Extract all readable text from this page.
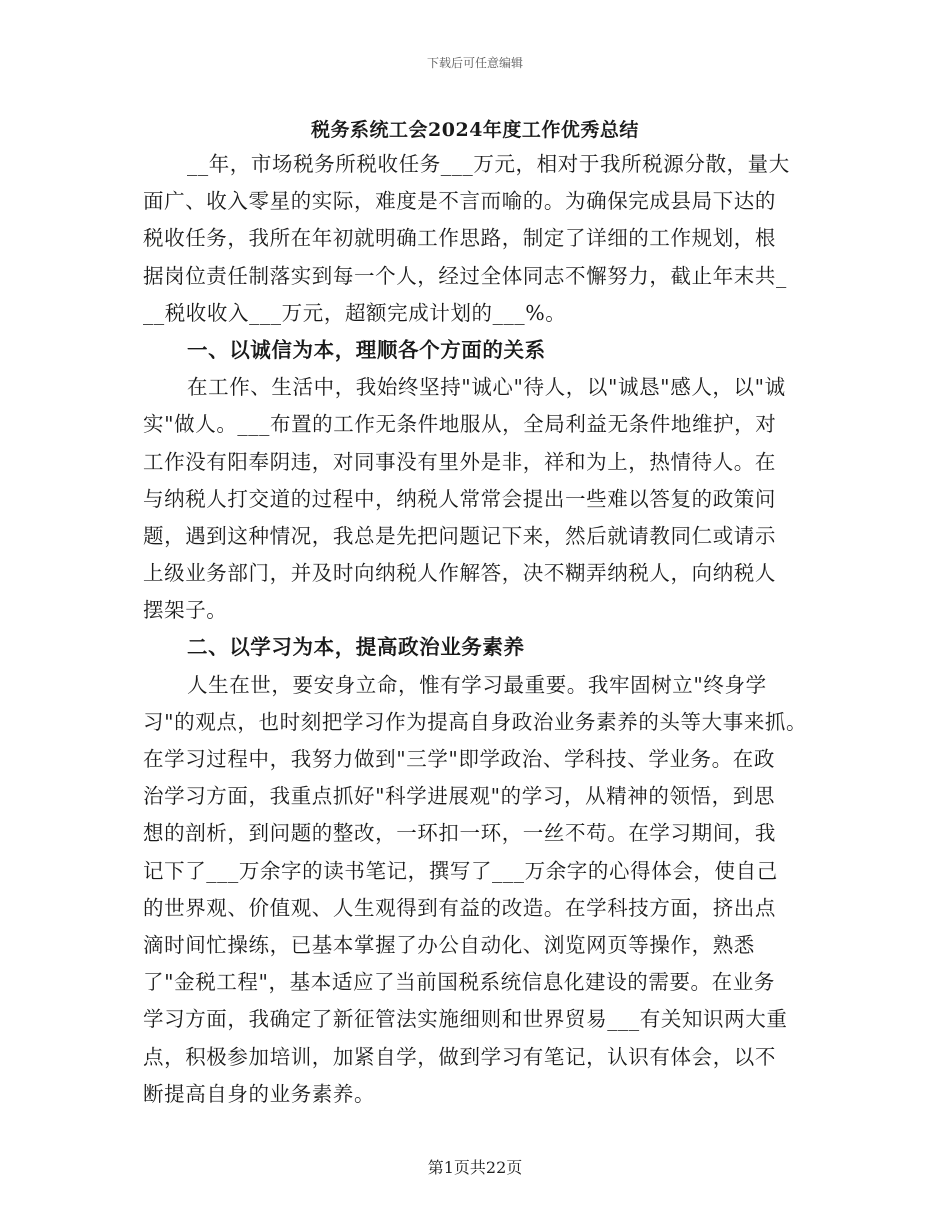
下载后可任意编辑
税务系统工会2024年度工作优秀总结
__年，市场税务所税收任务___万元，相对于我所税源分散，量大
面广、收入零星的实际，难度是不言而喻的。为确保完成县局下达的
税收任务，我所在年初就明确工作思路，制定了详细的工作规划，根
据岗位责任制落实到每一个人，经过全体同志不懈努力，截止年末共_
__税收收入___万元，超额完成计划的___%。
一、以诚信为本，理顺各个方面的关系
在工作、生活中，我始终坚持"诚心"待人，以"诚恳"感人，以"诚
实"做人。___布置的工作无条件地服从，全局利益无条件地维护，对
工作没有阳奉阴违，对同事没有里外是非，祥和为上，热情待人。在
与纳税人打交道的过程中，纳税人常常会提出一些难以答复的政策问
题，遇到这种情况，我总是先把问题记下来，然后就请教同仁或请示
上级业务部门，并及时向纳税人作解答，决不糊弄纳税人，向纳税人
摆架子。
二、以学习为本，提高政治业务素养
人生在世，要安身立命，惟有学习最重要。我牢固树立"终身学
习"的观点，也时刻把学习作为提高自身政治业务素养的头等大事来抓。
在学习过程中，我努力做到"三学"即学政治、学科技、学业务。在政
治学习方面，我重点抓好"科学进展观"的学习，从精神的领悟，到思
想的剖析，到问题的整改，一环扣一环，一丝不苟。在学习期间，我
记下了___万余字的读书笔记，撰写了___万余字的心得体会，使自己
的世界观、价值观、人生观得到有益的改造。在学科技方面，挤出点
滴时间忙操练，已基本掌握了办公自动化、浏览网页等操作，熟悉
了"金税工程"，基本适应了当前国税系统信息化建设的需要。在业务
学习方面，我确定了新征管法实施细则和世界贸易___有关知识两大重
点，积极参加培训，加紧自学，做到学习有笔记，认识有体会，以不
断提高自身的业务素养。
第1页共22页
